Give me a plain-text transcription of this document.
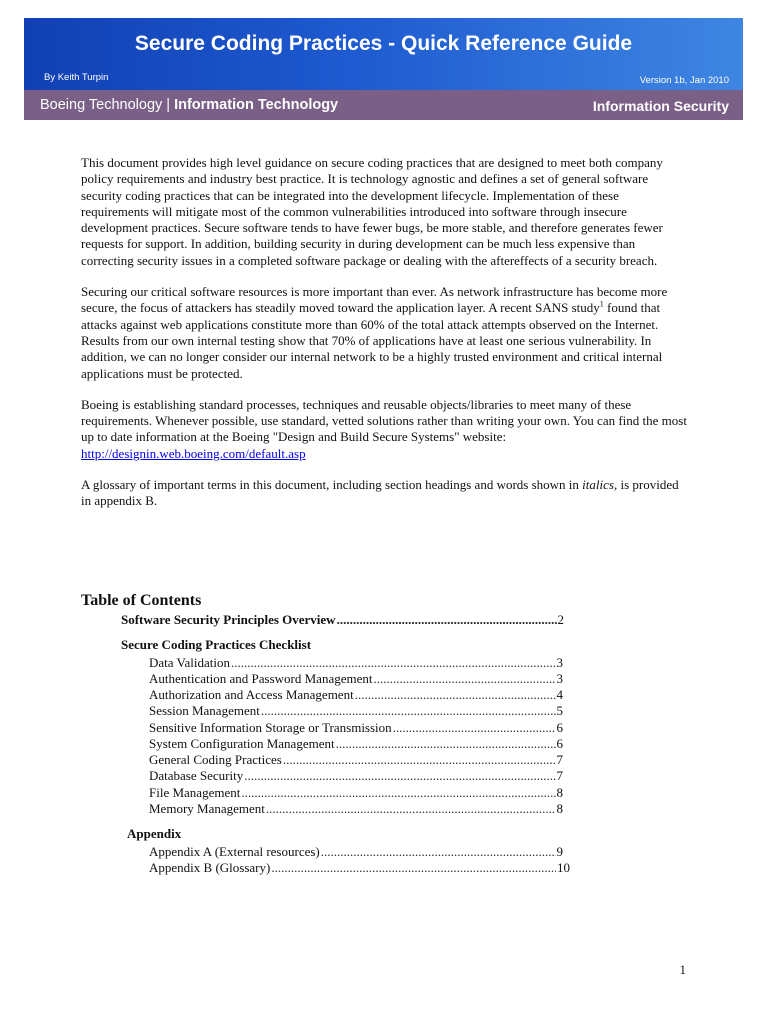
Secure Coding Practices - Quick Reference Guide
By Keith Turpin	Version 1b, Jan 2010
Boeing Technology | Information Technology	Information Security

This document provides high level guidance on secure coding practices that are designed to meet both company policy requirements and industry best practice. It is technology agnostic and defines a set of general software security coding practices that can be integrated into the development lifecycle. Implementation of these requirements will mitigate most of the common vulnerabilities introduced into software through insecure development practices. Secure software tends to have fewer bugs, be more stable, and therefore generates fewer requests for support. In addition, building security in during development can be much less expensive than correcting security issues in a completed software package or dealing with the aftereffects of a security breach.

Securing our critical software resources is more important than ever. As network infrastructure has become more secure, the focus of attackers has steadily moved toward the application layer. A recent SANS study$^1$ found that attacks against web applications constitute more than 60% of the total attack attempts observed on the Internet. Results from our own internal testing show that 70% of applications have at least one serious vulnerability. In addition, we can no longer consider our internal network to be a highly trusted environment and critical internal applications must be protected.

Boeing is establishing standard processes, techniques and reusable objects/libraries to meet many of these requirements. Whenever possible, use standard, vetted solutions rather than writing your own. You can find the most up to date information at the Boeing "Design and Build Secure Systems" website:
http://designin.web.boeing.com/default.asp

A glossary of important terms in this document, including section headings and words shown in italics, is provided in appendix B.

Table of Contents
Software Security Principles Overview .....	2
Secure Coding Practices Checklist
Data Validation .....	3
Authentication and Password Management .....	3
Authorization and Access Management .....	4
Session Management .....	5
Sensitive Information Storage or Transmission .....	6
System Configuration Management .....	6
General Coding Practices .....	7
Database Security .....	7
File Management .....	8
Memory Management .....	8
Appendix
Appendix A (External resources) .....	9
Appendix B (Glossary) .....	10
1
